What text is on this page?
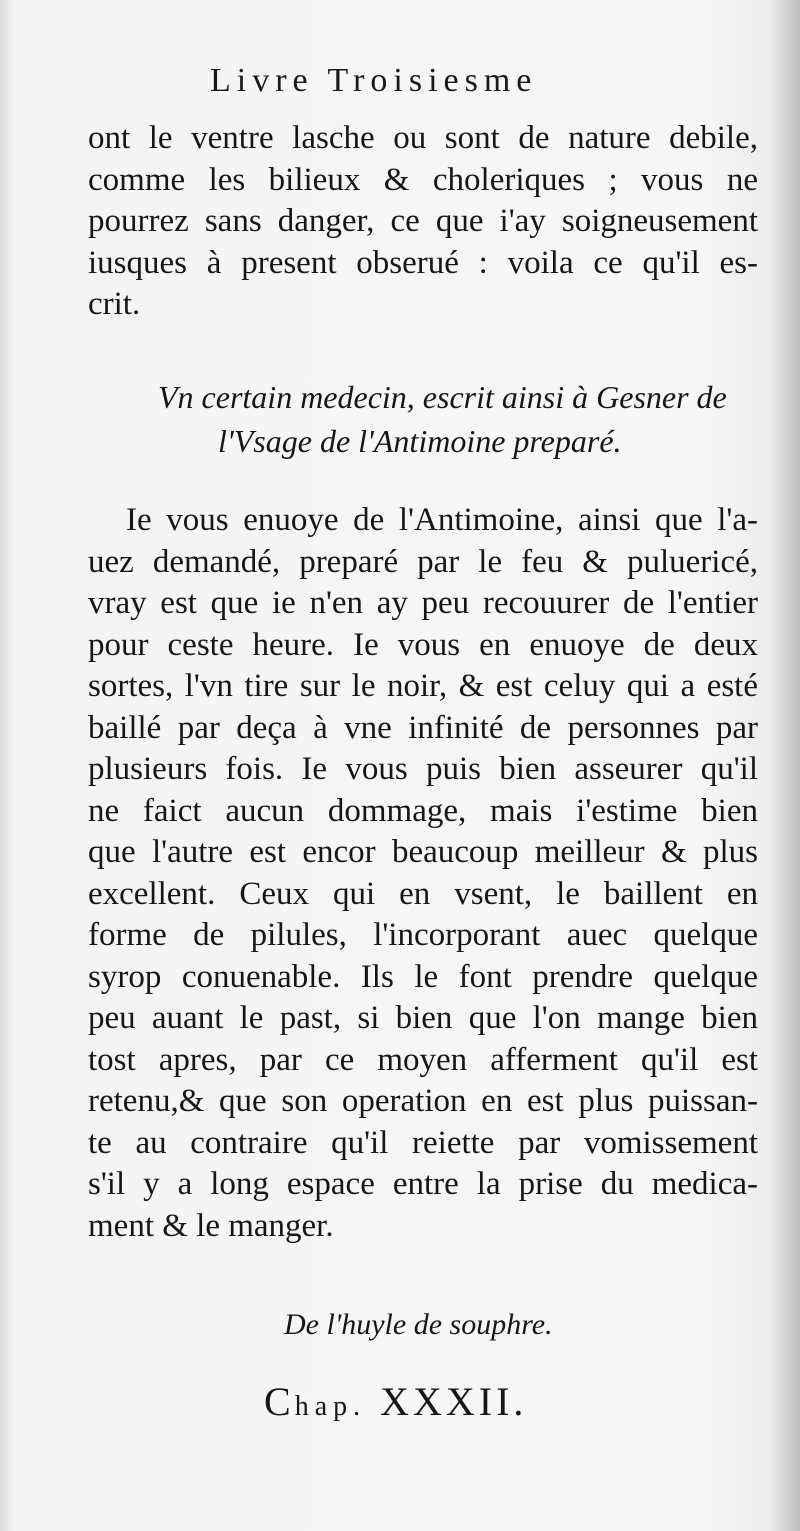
Livre Troisiesme
ont le ventre lasche ou sont de nature debile,
comme les bilieux & choleriques ; vous ne
pourrez sans danger, ce que i'ay soigneusement
iusques à present obserué : voila ce qu'il es-
crit.
Vn certain medecin, escrit ainsi à Gesner de
l'Vsage de l'Antimoine preparé.
Ie vous enuoye de l'Antimoine, ainsi que l'a-
uez demandé, preparé par le feu & pulueriсé,
vray est que ie n'en ay peu recouurer de l'entier
pour ceste heure. Ie vous en enuoye de deux
sortes, l'vn tire sur le noir, & est celuy qui a esté
baillé par deça à vne infinité de personnes par
plusieurs fois. Ie vous puis bien asseurer qu'il
ne faict aucun dommage, mais i'estime bien
que l'autre est encor beaucoup meilleur & plus
excellent. Ceux qui en vsent, le baillent en
forme de pilules, l'incorporant auec quelque
syrop conuenable. Ils le font prendre quelque
peu auant le past, si bien que l'on mange bien
tost apres, par ce moyen afferment qu'il est
retenu,& que son operation en est plus puissan-
te au contraire qu'il reiette par vomissement
s'il y a long espace entre la prise du medica-
ment & le manger.
De l'huyle de souphre.
Chap. XXXII.
